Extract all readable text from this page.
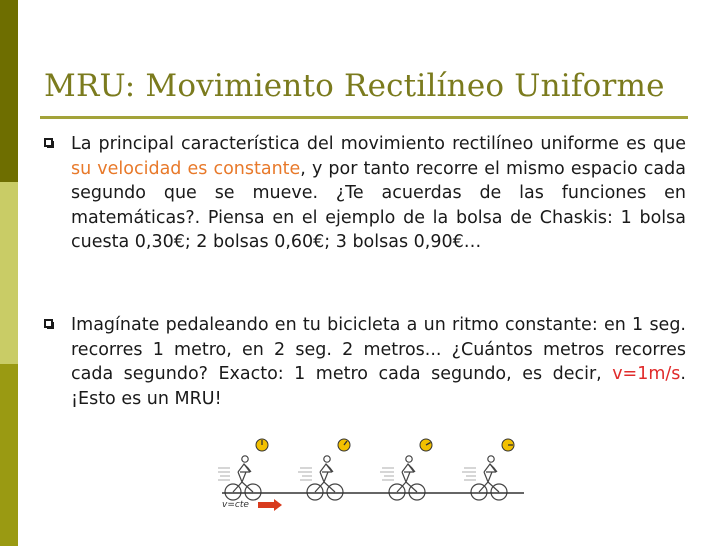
MRU: Movimiento Rectilíneo Uniforme
La principal característica del movimiento rectilíneo uniforme es que su velocidad es constante, y por tanto recorre el mismo espacio cada segundo que se mueve. ¿Te acuerdas de las funciones en matemáticas?. Piensa en el ejemplo de la bolsa de Chaskis: 1 bolsa cuesta 0,30€; 2 bolsas 0,60€; 3 bolsas 0,90€…
Imagínate pedaleando en tu bicicleta a un ritmo constante: en 1 seg. recorres 1 metro, en 2 seg. 2 metros... ¿Cuántos metros recorres cada segundo? Exacto: 1 metro cada segundo, es decir, v=1m/s. ¡Esto es un MRU!
v=cte
